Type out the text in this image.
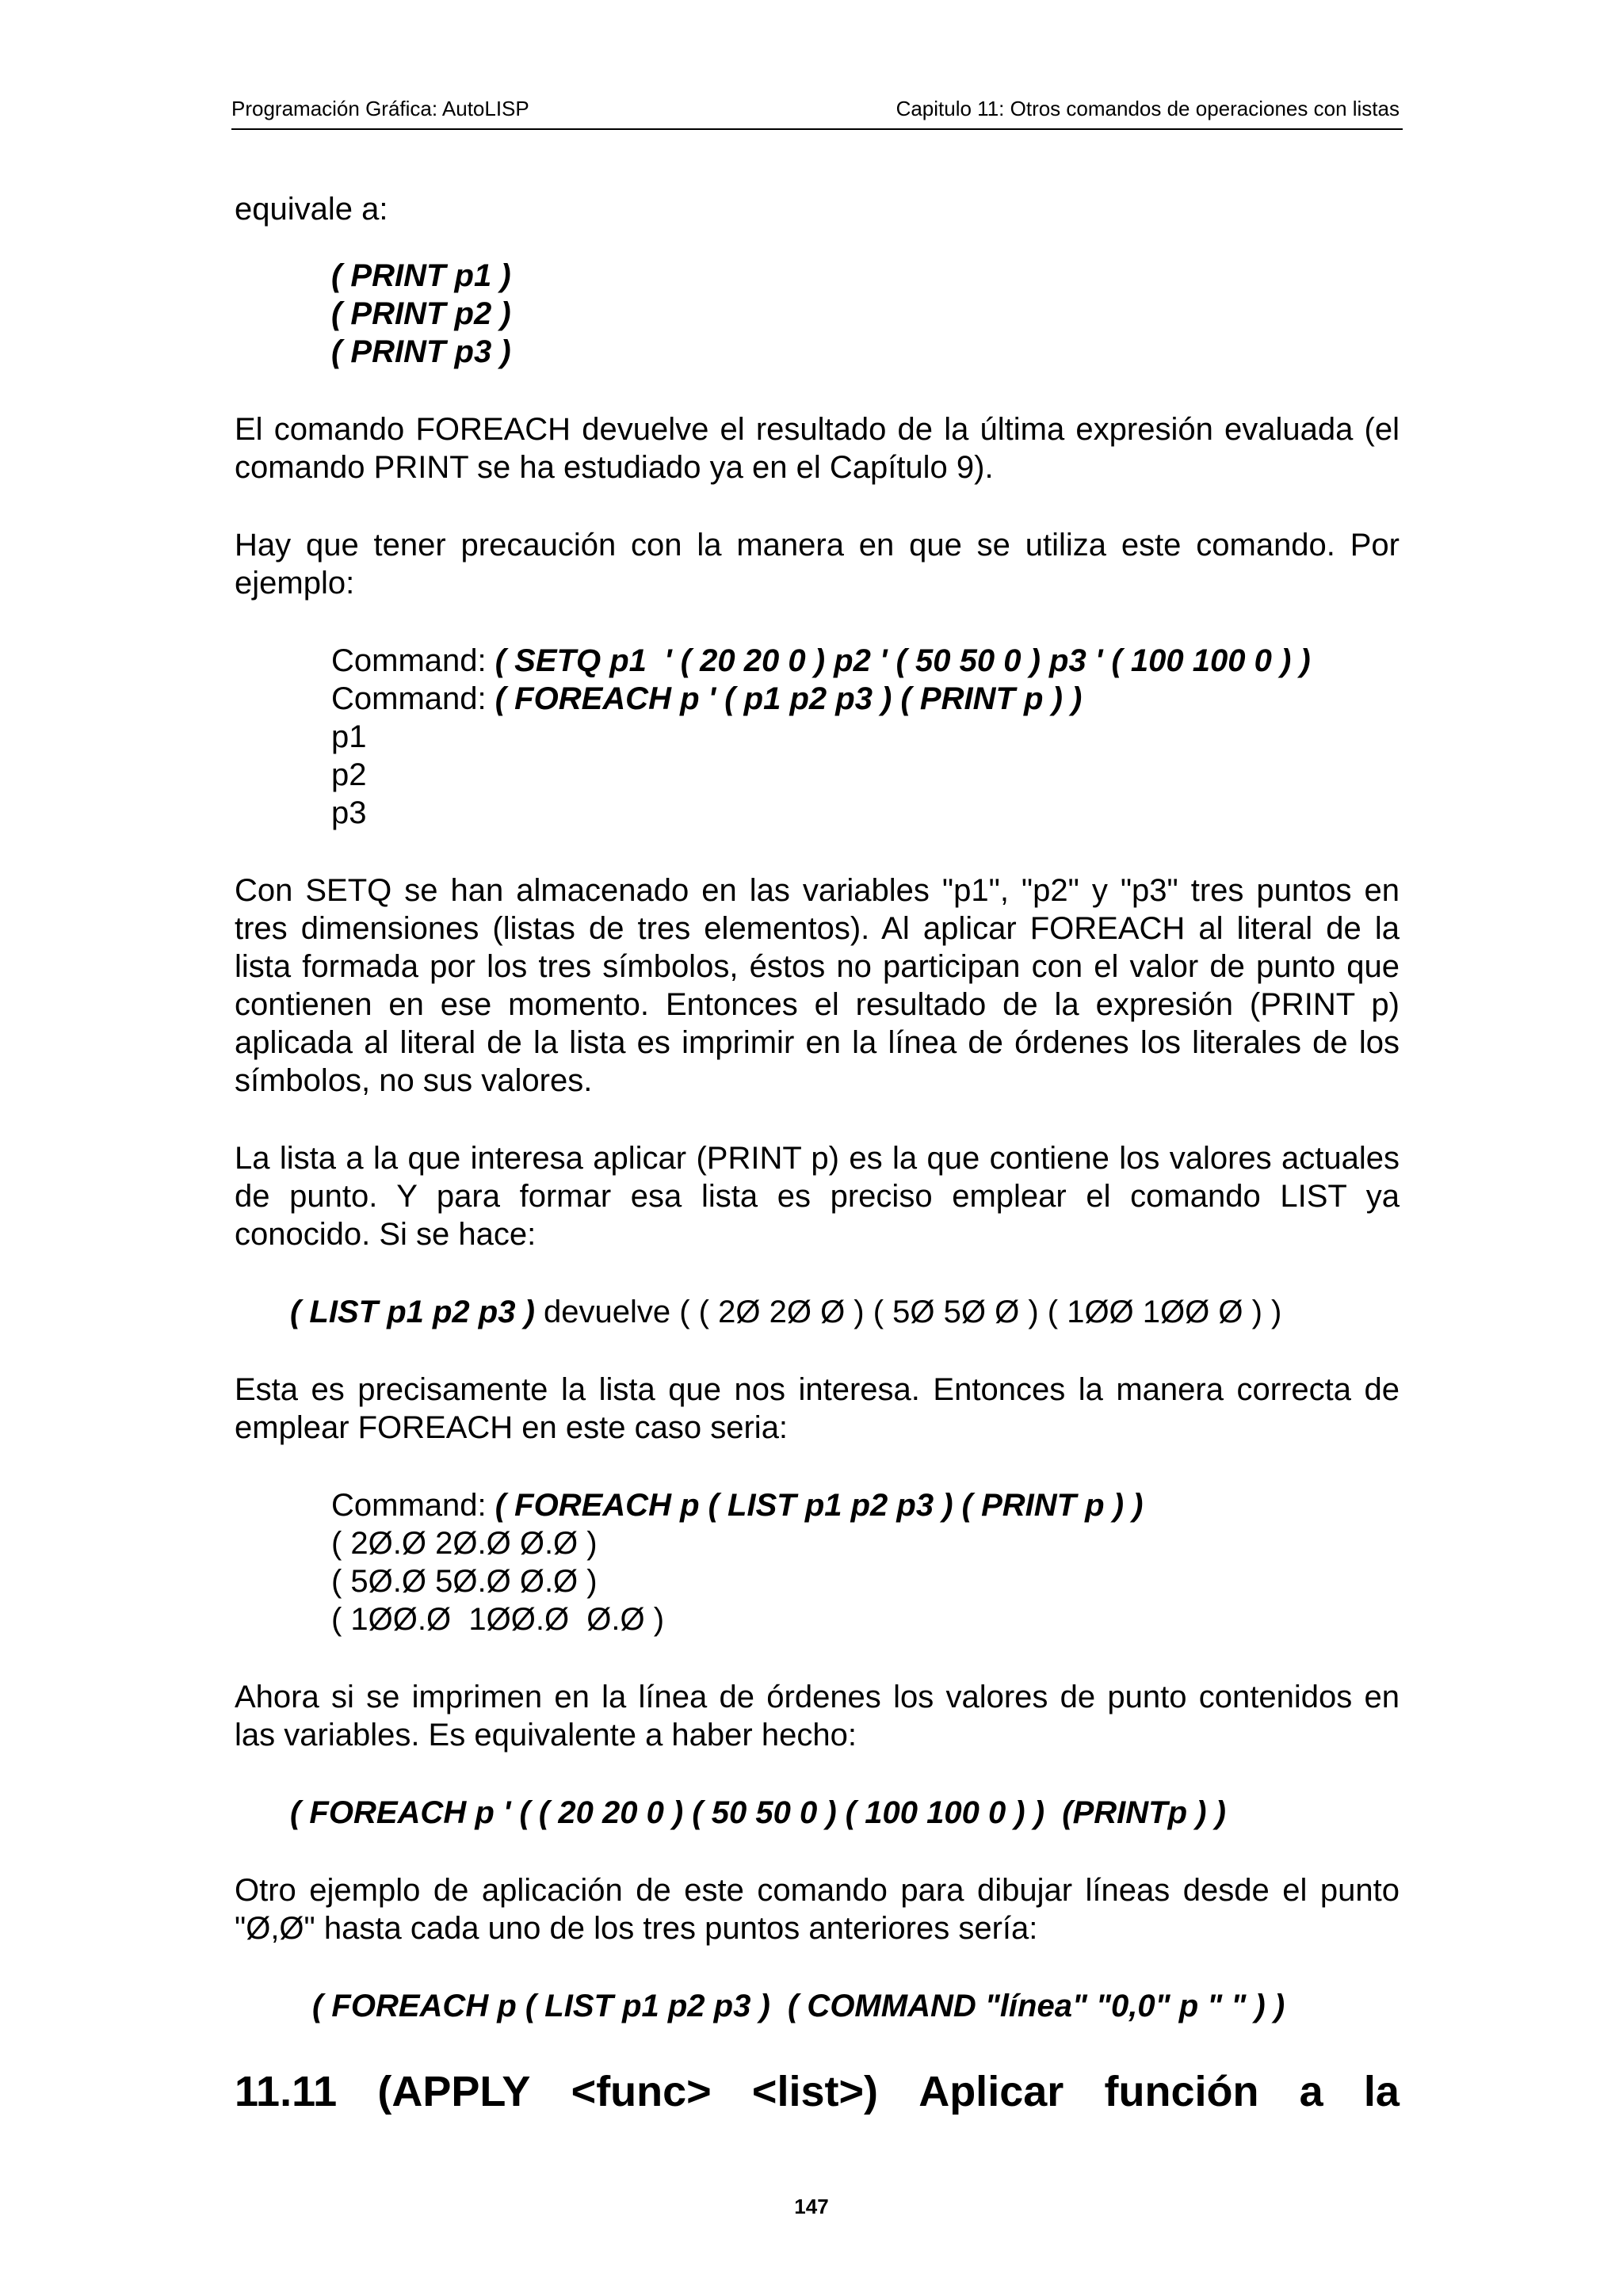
Programación Gráfica: AutoLISP	Capitulo 11: Otros comandos de operaciones con listas

equivale a:

( PRINT p1 )
( PRINT p2 )
( PRINT p3 )

El comando FOREACH devuelve el resultado de la última expresión evaluada (el comando PRINT se ha estudiado ya en el Capítulo 9).

Hay que tener precaución con la manera en que se utiliza este comando. Por ejemplo:

Command: ( SETQ p1  ' ( 20 20 0 ) p2 ' ( 50 50 0 ) p3 ' ( 100 100 0 ) )
Command: ( FOREACH p ' ( p1 p2 p3 ) ( PRINT p ) )
p1
p2
p3

Con SETQ se han almacenado en las variables "p1", "p2" y "p3" tres puntos en tres dimensiones (listas de tres elementos). Al aplicar FOREACH al literal de la lista formada por los tres símbolos, éstos no participan con el valor de punto que contienen en ese momento. Entonces el resultado de la expresión (PRINT p) aplicada al literal de la lista es imprimir en la línea de órdenes los literales de los símbolos, no sus valores.

La lista a la que interesa aplicar (PRINT p) es la que contiene los valores actuales de punto. Y para formar esa lista es preciso emplear el comando LIST ya conocido. Si se hace:

( LIST p1 p2 p3 ) devuelve ( ( 2Ø 2Ø Ø ) ( 5Ø 5Ø Ø ) ( 1ØØ 1ØØ Ø ) )

Esta es precisamente la lista que nos interesa. Entonces la manera correcta de emplear FOREACH en este caso seria:

Command: ( FOREACH p ( LIST p1 p2 p3 ) ( PRINT p ) )
( 2Ø.Ø 2Ø.Ø Ø.Ø )
( 5Ø.Ø 5Ø.Ø Ø.Ø )
( 1ØØ.Ø  1ØØ.Ø  Ø.Ø )

Ahora si se imprimen en la línea de órdenes los valores de punto contenidos en las variables. Es equivalente a haber hecho:

( FOREACH p ' ( ( 20 20 0 ) ( 50 50 0 ) ( 100 100 0 ) )  (PRINTp ) )

Otro ejemplo de aplicación de este comando para dibujar líneas desde el punto "Ø,Ø" hasta cada uno de los tres puntos anteriores sería:

( FOREACH p ( LIST p1 p2 p3 )  ( COMMAND "línea" "0,0" p " " ) )
11.11 (APPLY <func> <list>) Aplicar función a la
147
